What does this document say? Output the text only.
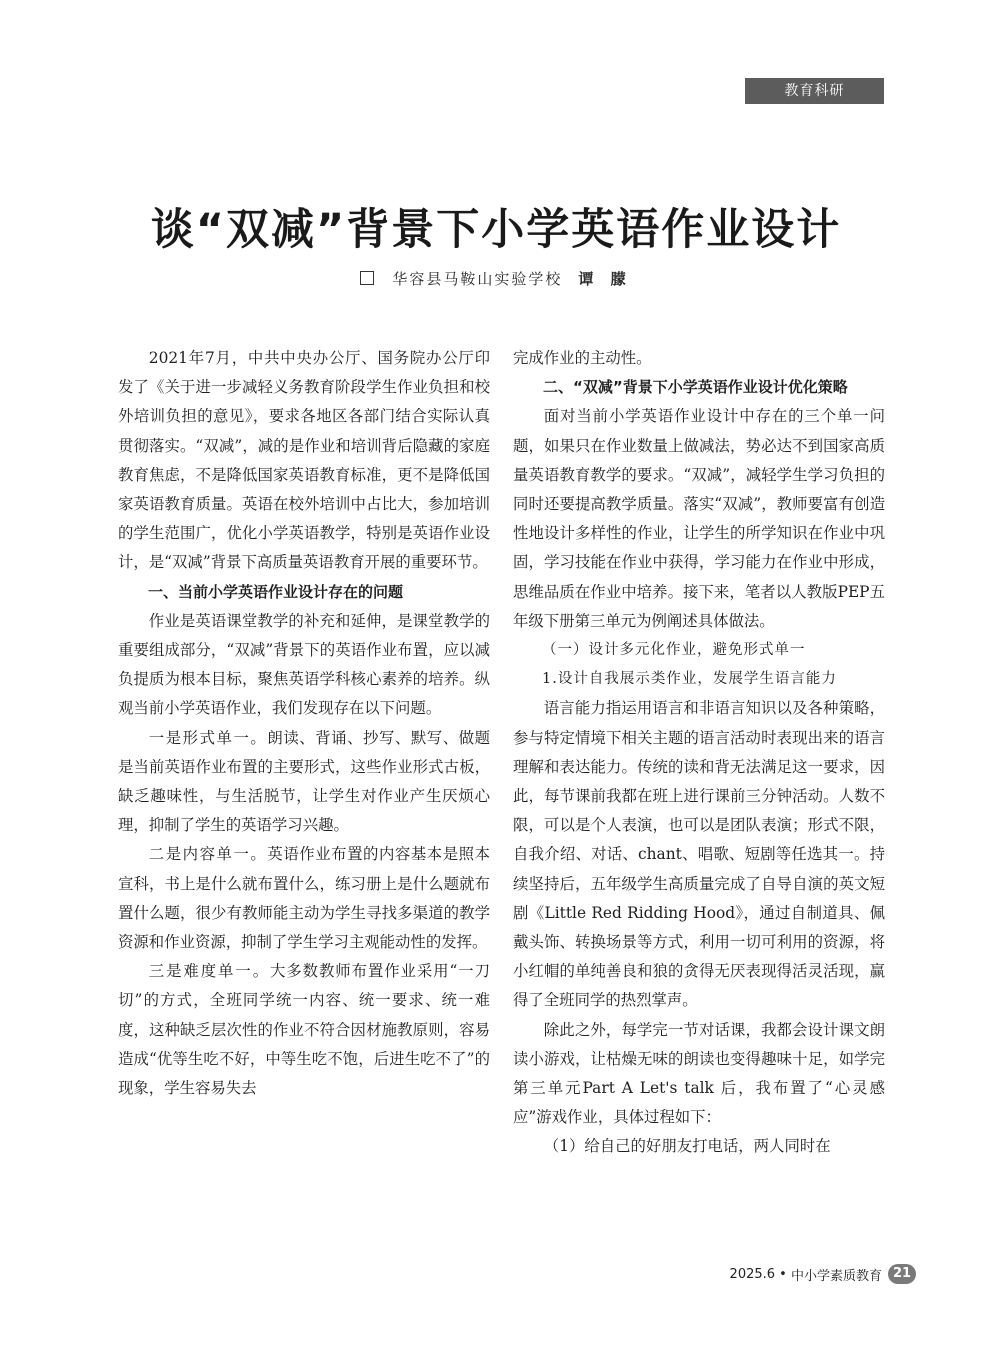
教育科研
谈“双减”背景下小学英语作业设计
华容县马鞍山实验学校 谭 朦

2021年7月，中共中央办公厅、国务院办公厅印发了《关于进一步减轻义务教育阶段学生作业负担和校外培训负担的意见》，要求各地区各部门结合实际认真贯彻落实。“双减”，减的是作业和培训背后隐藏的家庭教育焦虑，不是降低国家英语教育标准，更不是降低国家英语教育质量。英语在校外培训中占比大，参加培训的学生范围广，优化小学英语教学，特别是英语作业设计，是“双减”背景下高质量英语教育开展的重要环节。

一、当前小学英语作业设计存在的问题

作业是英语课堂教学的补充和延伸，是课堂教学的重要组成部分，“双减”背景下的英语作业布置，应以减负提质为根本目标，聚焦英语学科核心素养的培养。纵观当前小学英语作业，我们发现存在以下问题。

一是形式单一。朗读、背诵、抄写、默写、做题是当前英语作业布置的主要形式，这些作业形式古板，缺乏趣味性，与生活脱节，让学生对作业产生厌烦心理，抑制了学生的英语学习兴趣。

二是内容单一。英语作业布置的内容基本是照本宣科，书上是什么就布置什么，练习册上是什么题就布置什么题，很少有教师能主动为学生寻找多渠道的教学资源和作业资源，抑制了学生学习主观能动性的发挥。

三是难度单一。大多数教师布置作业采用“一刀切”的方式，全班同学统一内容、统一要求、统一难度，这种缺乏层次性的作业不符合因材施教原则，容易造成“优等生吃不好，中等生吃不饱，后进生吃不了”的现象，学生容易失去

完成作业的主动性。

二、“双减”背景下小学英语作业设计优化策略

面对当前小学英语作业设计中存在的三个单一问题，如果只在作业数量上做减法，势必达不到国家高质量英语教育教学的要求。“双减”，减轻学生学习负担的同时还要提高教学质量。落实“双减”，教师要富有创造性地设计多样性的作业，让学生的所学知识在作业中巩固，学习技能在作业中获得，学习能力在作业中形成，思维品质在作业中培养。接下来，笔者以人教版PEP五年级下册第三单元为例阐述具体做法。

（一）设计多元化作业，避免形式单一

1.设计自我展示类作业，发展学生语言能力

语言能力指运用语言和非语言知识以及各种策略，参与特定情境下相关主题的语言活动时表现出来的语言理解和表达能力。传统的读和背无法满足这一要求，因此，每节课前我都在班上进行课前三分钟活动。人数不限，可以是个人表演，也可以是团队表演；形式不限，自我介绍、对话、chant、唱歌、短剧等任选其一。持续坚持后，五年级学生高质量完成了自导自演的英文短剧《Little Red Ridding Hood》，通过自制道具、佩戴头饰、转换场景等方式，利用一切可利用的资源，将小红帽的单纯善良和狼的贪得无厌表现得活灵活现，赢得了全班同学的热烈掌声。

除此之外，每学完一节对话课，我都会设计课文朗读小游戏，让枯燥无味的朗读也变得趣味十足，如学完第三单元Part A Let's talk 后，我布置了“心灵感应”游戏作业，具体过程如下：

（1）给自己的好朋友打电话，两人同时在

2025.6 • 中小学素质教育 21
